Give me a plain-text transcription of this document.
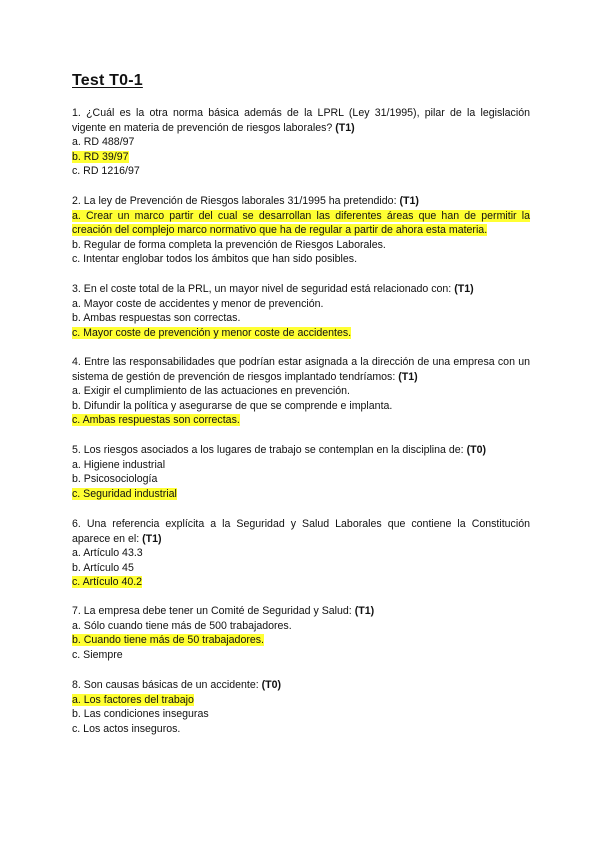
Test T0-1
1. ¿Cuál es la otra norma básica además de la LPRL (Ley 31/1995), pilar de la legislación vigente en materia de prevención de riesgos laborales? (T1)
a. RD 488/97
b. RD 39/97
c. RD 1216/97
2. La ley de Prevención de Riesgos laborales 31/1995 ha pretendido: (T1)
a. Crear un marco partir del cual se desarrollan las diferentes áreas que han de permitir la creación del complejo marco normativo que ha de regular a partir de ahora esta materia.
b. Regular de forma completa la prevención de Riesgos Laborales.
c. Intentar englobar todos los ámbitos que han sido posibles.
3. En el coste total de la PRL, un mayor nivel de seguridad está relacionado con: (T1)
a. Mayor coste de accidentes y menor de prevención.
b. Ambas respuestas son correctas.
c. Mayor coste de prevención y menor coste de accidentes.
4. Entre las responsabilidades que podrían estar asignada a la dirección de una empresa con un sistema de gestión de prevención de riesgos implantado tendríamos: (T1)
a. Exigir el cumplimiento de las actuaciones en prevención.
b. Difundir la política y asegurarse de que se comprende e implanta.
c. Ambas respuestas son correctas.
5. Los riesgos asociados a los lugares de trabajo se contemplan en la disciplina de: (T0)
a. Higiene industrial
b. Psicosociología
c. Seguridad industrial
6. Una referencia explícita a la Seguridad y Salud Laborales que contiene la Constitución aparece en el: (T1)
a. Artículo 43.3
b. Artículo 45
c. Artículo 40.2
7. La empresa debe tener un Comité de Seguridad y Salud: (T1)
a. Sólo cuando tiene más de 500 trabajadores.
b. Cuando tiene más de 50 trabajadores.
c. Siempre
8. Son causas básicas de un accidente: (T0)
a. Los factores del trabajo
b. Las condiciones inseguras
c. Los actos inseguros.
